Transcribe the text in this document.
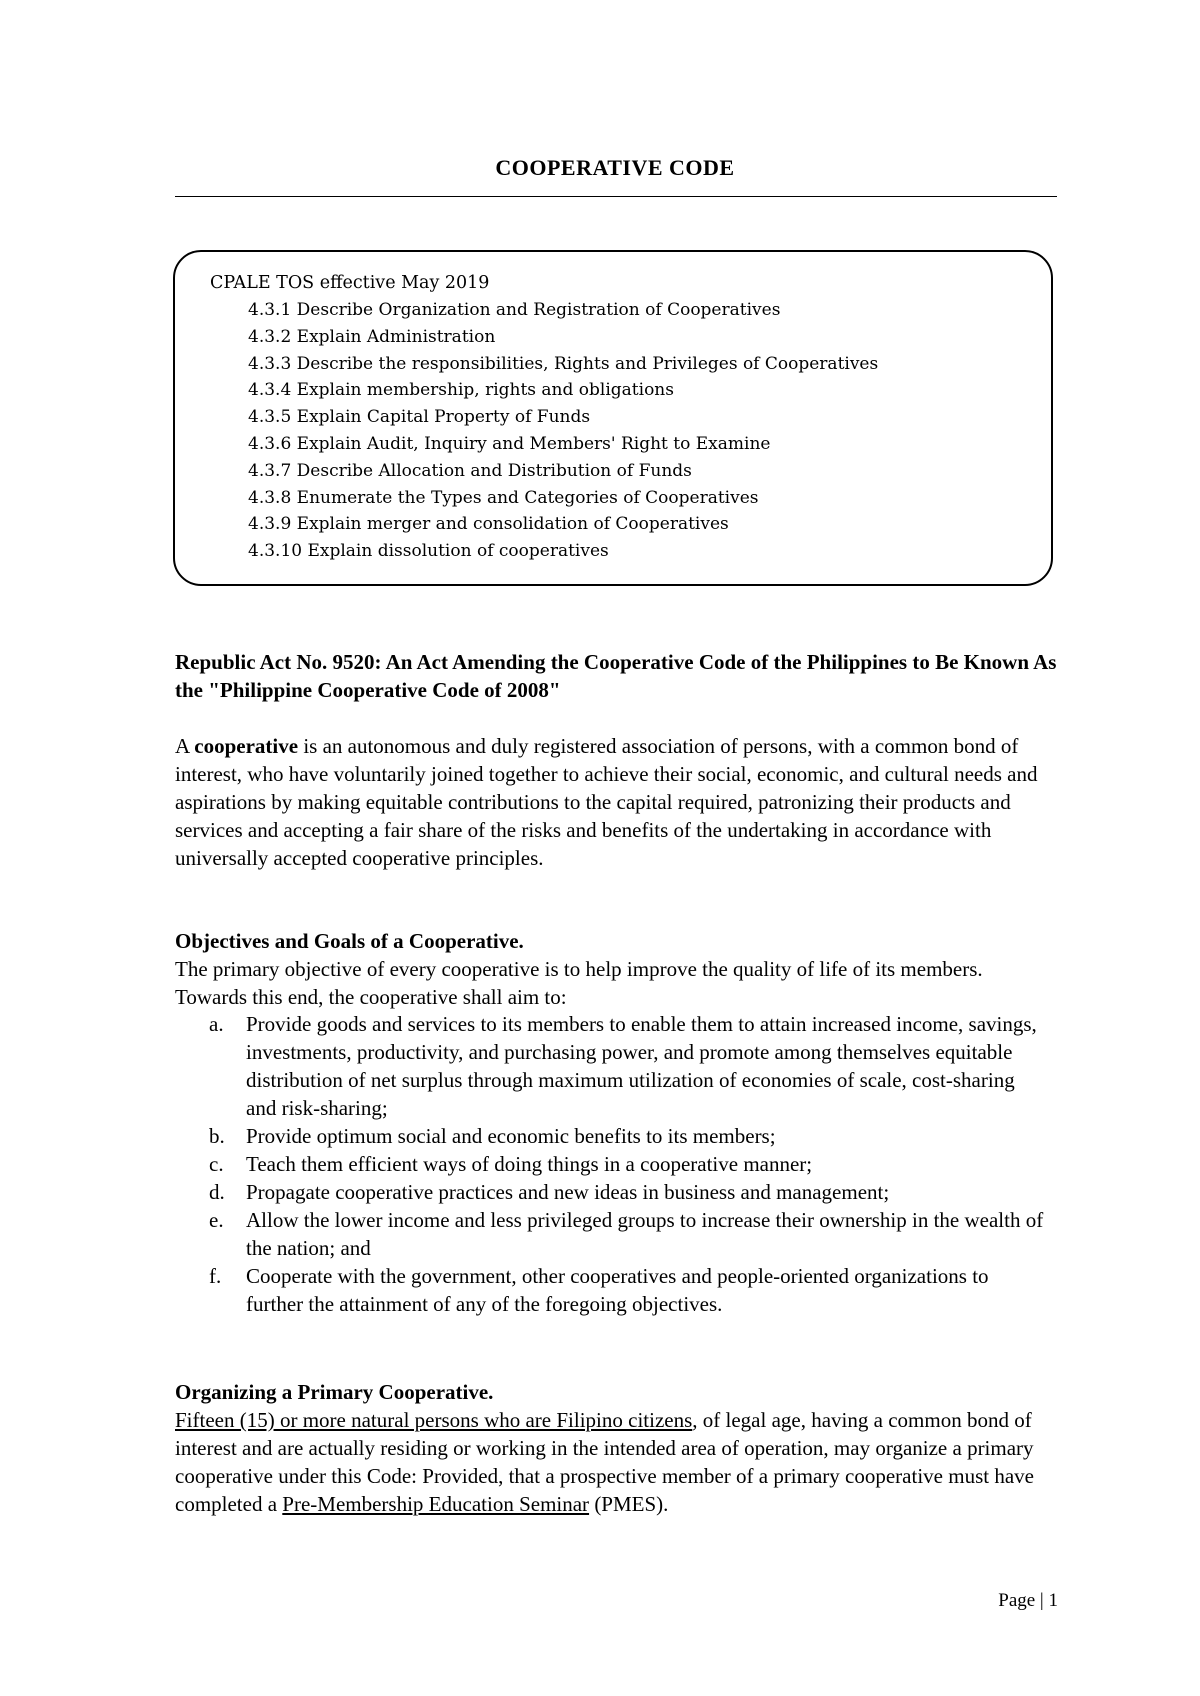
COOPERATIVE CODE
CPALE TOS effective May 2019
4.3.1 Describe Organization and Registration of Cooperatives
4.3.2 Explain Administration
4.3.3 Describe the responsibilities, Rights and Privileges of Cooperatives
4.3.4 Explain membership, rights and obligations
4.3.5 Explain Capital Property of Funds
4.3.6 Explain Audit, Inquiry and Members' Right to Examine
4.3.7 Describe Allocation and Distribution of Funds
4.3.8 Enumerate the Types and Categories of Cooperatives
4.3.9 Explain merger and consolidation of Cooperatives
4.3.10 Explain dissolution of cooperatives
Republic Act No. 9520: An Act Amending the Cooperative Code of the Philippines to Be Known As the "Philippine Cooperative Code of 2008"
A cooperative is an autonomous and duly registered association of persons, with a common bond of interest, who have voluntarily joined together to achieve their social, economic, and cultural needs and aspirations by making equitable contributions to the capital required, patronizing their products and services and accepting a fair share of the risks and benefits of the undertaking in accordance with universally accepted cooperative principles.
Objectives and Goals of a Cooperative.
The primary objective of every cooperative is to help improve the quality of life of its members. Towards this end, the cooperative shall aim to:
a.	Provide goods and services to its members to enable them to attain increased income, savings, investments, productivity, and purchasing power, and promote among themselves equitable distribution of net surplus through maximum utilization of economies of scale, cost-sharing and risk-sharing;
b.	Provide optimum social and economic benefits to its members;
c.	Teach them efficient ways of doing things in a cooperative manner;
d.	Propagate cooperative practices and new ideas in business and management;
e.	Allow the lower income and less privileged groups to increase their ownership in the wealth of the nation; and
f.	Cooperate with the government, other cooperatives and people-oriented organizations to further the attainment of any of the foregoing objectives.
Organizing a Primary Cooperative.
Fifteen (15) or more natural persons who are Filipino citizens, of legal age, having a common bond of interest and are actually residing or working in the intended area of operation, may organize a primary cooperative under this Code: Provided, that a prospective member of a primary cooperative must have completed a Pre-Membership Education Seminar (PMES).
Page | 1
